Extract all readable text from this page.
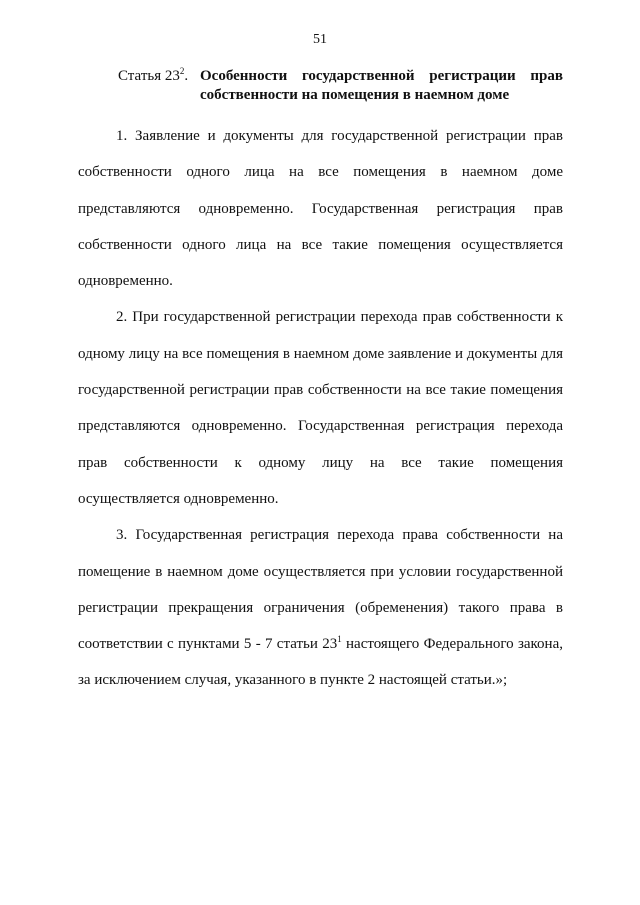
51
Статья $23^2$. Особенности государственной регистрации прав
собственности на помещения в наемном доме

1. Заявление и документы для государственной регистрации прав собственности одного лица на все помещения в наемном доме представляются одновременно. Государственная регистрация прав собственности одного лица на все такие помещения осуществляется одновременно.

2. При государственной регистрации перехода прав собственности к одному лицу на все помещения в наемном доме заявление и документы для государственной регистрации прав собственности на все такие помещения представляются одновременно. Государственная регистрация перехода прав собственности к одному лицу на все такие помещения осуществляется одновременно.

3. Государственная регистрация перехода права собственности на помещение в наемном доме осуществляется при условии государственной регистрации прекращения ограничения (обременения) такого права в соответствии с пунктами 5 - 7 статьи $23^1$ настоящего Федерального закона, за исключением случая, указанного в пункте 2 настоящей статьи.»;
